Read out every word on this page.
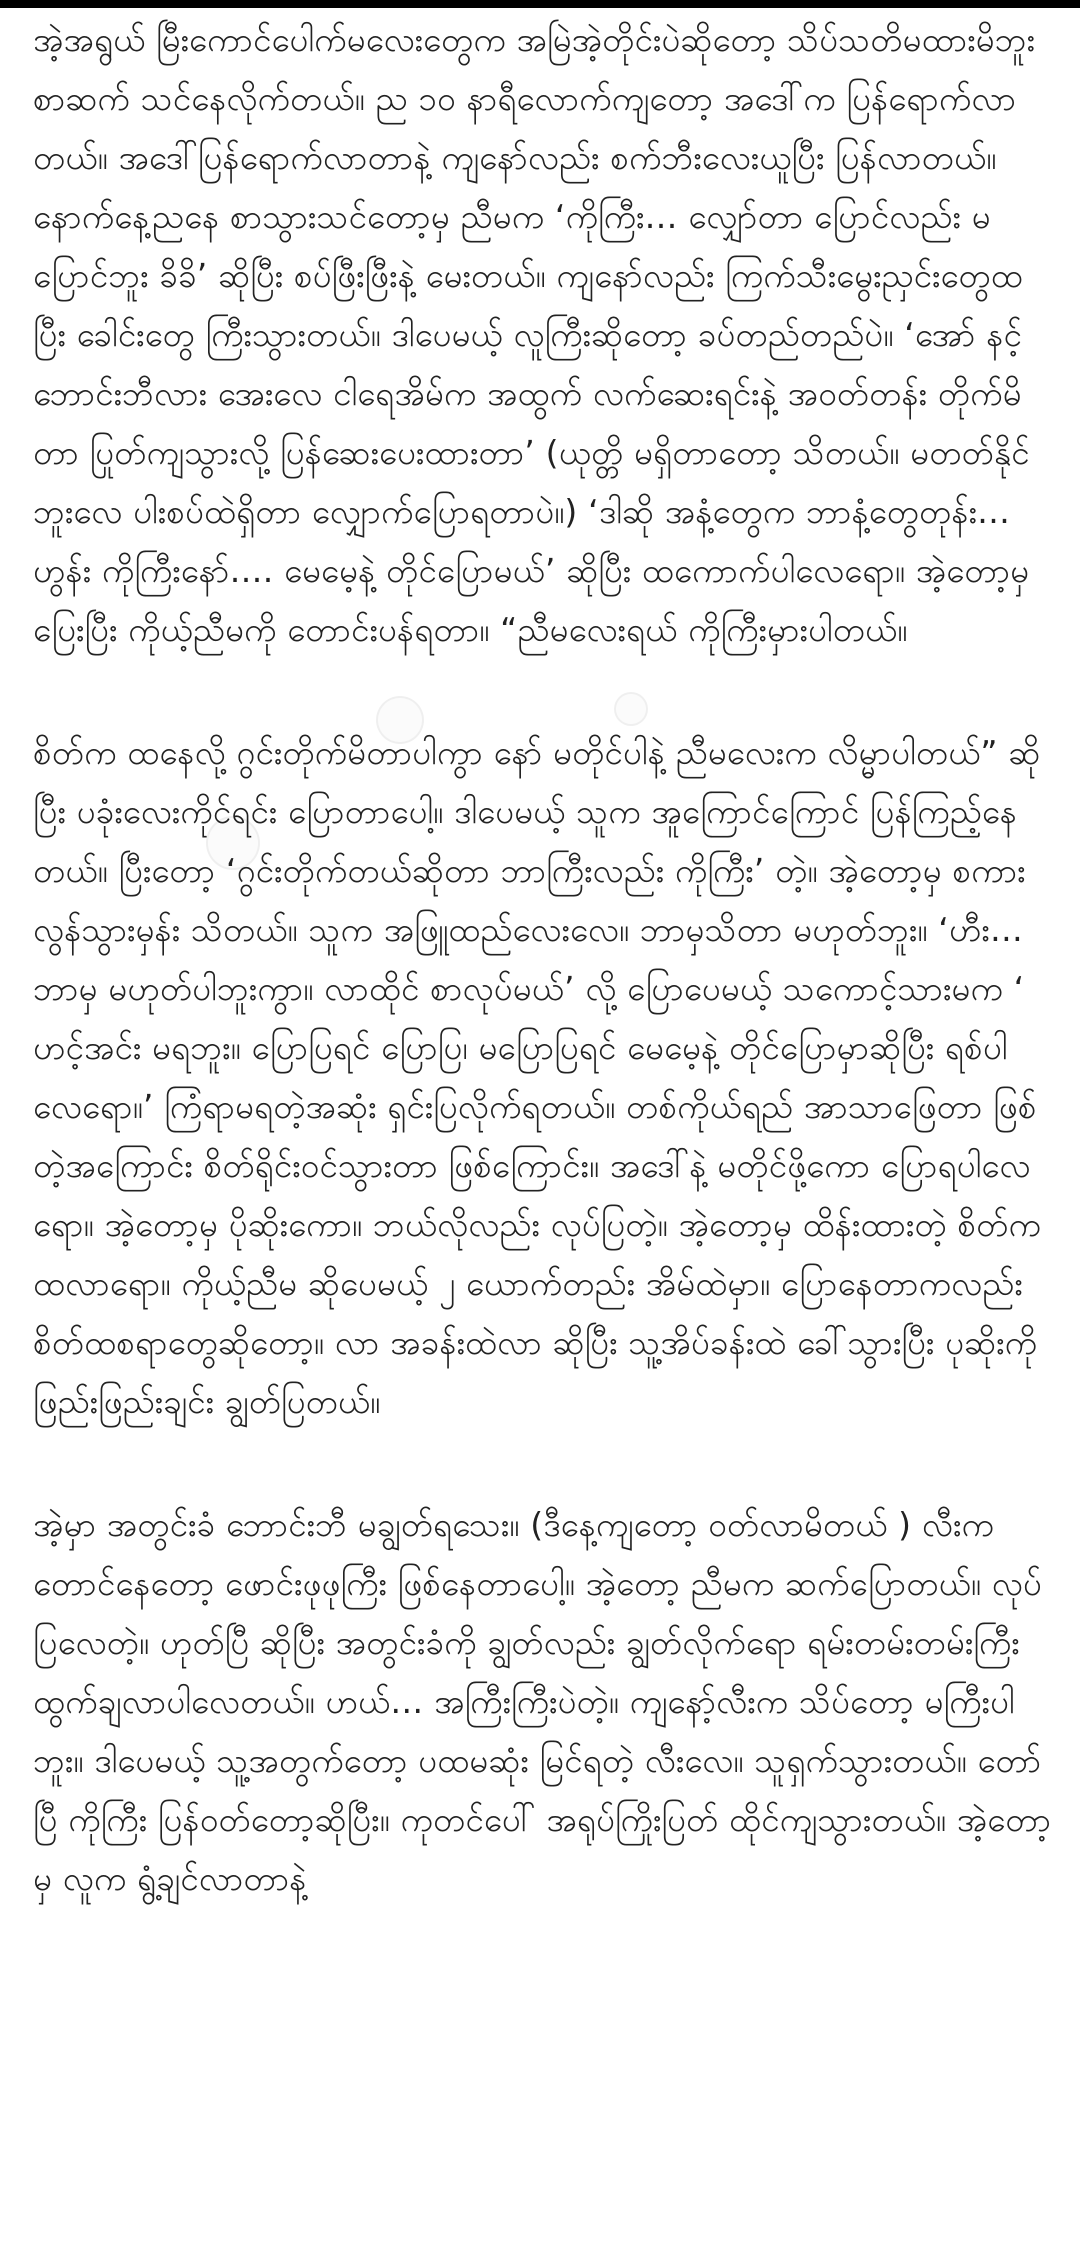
အဲ့အရွယ် မြီးကောင်ပေါက်မလေးတွေက အမြဲအဲ့တိုင်းပဲဆိုတော့ သိပ်သတိမထားမိဘူး စာဆက် သင်နေလိုက်တယ်။ ည ၁၀ နာရီလောက်ကျတော့ အဒေါ်က ပြန်ရောက်လာတယ်။ အဒေါ်ပြန်ရောက်လာတာနဲ့ ကျနော်လည်း စက်ဘီးလေးယူပြီး ပြန်လာတယ်။ နောက်နေ့ညနေ စာသွားသင်တော့မှ ညီမက ‘ကိုကြီး… လျှော်တာ ပြောင်လည်း မပြောင်ဘူး ခိခိ’ ဆိုပြီး စပ်ဖြီးဖြီးနဲ့ မေးတယ်။ ကျနော်လည်း ကြက်သီးမွေးညှင်းတွေထပြီး ခေါင်းတွေ ကြီးသွားတယ်။ ဒါပေမယ့် လူကြီးဆိုတော့ ခပ်တည်တည်ပဲ။ ‘အော် နင့်ဘောင်းဘီလား အေးလေ ငါရေအိမ်က အထွက် လက်ဆေးရင်းနဲ့ အဝတ်တန်း တိုက်မိတာ ပြုတ်ကျသွားလို့ ပြန်ဆေးပေးထားတာ’ (ယုတ္တိ မရှိတာတော့ သိတယ်။ မတတ်နိုင်ဘူးလေ ပါးစပ်ထဲရှိတာ လျှောက်ပြောရတာပဲ။) ‘ဒါဆို အနံ့တွေက ဘာနံ့တွေတုန်း… ဟွန်း ကိုကြီးနော်…. မေမေ့နဲ့ တိုင်ပြောမယ်’ ဆိုပြီး ထကောက်ပါလေရော။ အဲ့တော့မှ ပြေးပြီး ကိုယ့်ညီမကို တောင်းပန်ရတာ။ “ညီမလေးရယ် ကိုကြီးမှားပါတယ်။

စိတ်က ထနေလို့ ဂွင်းတိုက်မိတာပါကွာ နော် မတိုင်ပါနဲ့ ညီမလေးက လိမ္မာပါတယ်” ဆိုပြီး ပခုံးလေးကိုင်ရင်း ပြောတာပေါ့။ ဒါပေမယ့် သူက အူကြောင်ကြောင် ပြန်ကြည့်နေတယ်။ ပြီးတော့ ‘ဂွင်းတိုက်တယ်ဆိုတာ ဘာကြီးလည်း ကိုကြီး’ တဲ့။ အဲ့တော့မှ စကားလွန်သွားမှန်း သိတယ်။ သူက အဖြူထည်လေးလေ။ ဘာမှသိတာ မဟုတ်ဘူး။ ‘ဟီး… ဘာမှ မဟုတ်ပါဘူးကွာ။ လာထိုင် စာလုပ်မယ်’ လို့ ပြောပေမယ့် သကောင့်သားမက ‘ ဟင့်အင်း မရဘူး။ ပြောပြရင် ပြောပြ၊ မပြောပြရင် မေမေ့နဲ့ တိုင်ပြောမှာဆိုပြီး ရစ်ပါလေရော။’ ကြံရာမရတဲ့အဆုံး ရှင်းပြလိုက်ရတယ်။ တစ်ကိုယ်ရည် အာသာဖြေတာ ဖြစ်တဲ့အကြောင်း စိတ်ရိုင်းဝင်သွားတာ ဖြစ်ကြောင်း။ အဒေါ်နဲ့ မတိုင်ဖို့ကော ပြောရပါလေရော။ အဲ့တော့မှ ပိုဆိုးကော။ ဘယ်လိုလည်း လုပ်ပြတဲ့။ အဲ့တော့မှ ထိန်းထားတဲ့ စိတ်က ထလာရော။ ကိုယ့်ညီမ ဆိုပေမယ့် ၂ ယောက်တည်း အိမ်ထဲမှာ။ ပြောနေတာကလည်း စိတ်ထစရာတွေဆိုတော့။ လာ အခန်းထဲလာ ဆိုပြီး သူ့အိပ်ခန်းထဲ ခေါ်သွားပြီး ပုဆိုးကို ဖြည်းဖြည်းချင်း ချွတ်ပြတယ်။

အဲ့မှာ အတွင်းခံ ဘောင်းဘီ မချွတ်ရသေး။ (ဒီနေ့ကျတော့ ဝတ်လာမိတယ် ) လီးက တောင်နေတော့ ဖောင်းဖုဖုကြီး ဖြစ်နေတာပေါ့။ အဲ့တော့ ညီမက ဆက်ပြောတယ်။ လုပ်ပြလေတဲ့။ ဟုတ်ပြီ ဆိုပြီး အတွင်းခံကို ချွတ်လည်း ချွတ်လိုက်ရော ရမ်းတမ်းတမ်းကြီး ထွက်ချလာပါလေတယ်။ ဟယ်… အကြီးကြီးပဲတဲ့။ ကျနော့်လီးက သိပ်တော့ မကြီးပါဘူး။ ဒါပေမယ့် သူ့အတွက်တော့ ပထမဆုံး မြင်ရတဲ့ လီးလေ။ သူရှက်သွားတယ်။ တော်ပြီ ကိုကြီး ပြန်ဝတ်တော့ဆိုပြီး။ ကုတင်ပေါ် အရုပ်ကြိုးပြတ် ထိုင်ကျသွားတယ်။ အဲ့တော့မှ လူက ရွံ့ချင်လာတာနဲ့
